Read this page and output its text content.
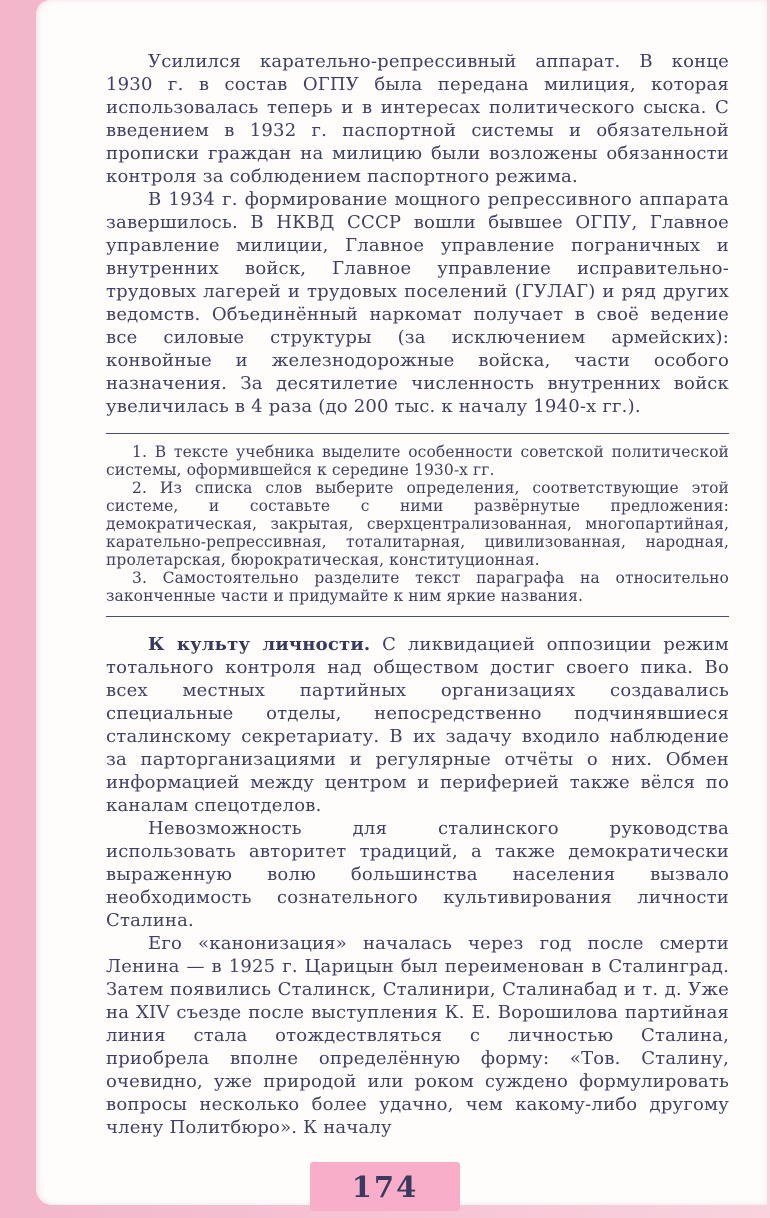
Усилился карательно-репрессивный аппарат. В конце 1930 г. в состав ОГПУ была передана милиция, которая использовалась теперь и в интересах политического сыска. С введением в 1932 г. паспортной системы и обязательной прописки граждан на милицию были возложены обязанности контроля за соблюдением паспортного режима.

В 1934 г. формирование мощного репрессивного аппарата завершилось. В НКВД СССР вошли бывшее ОГПУ, Главное управление милиции, Главное управление пограничных и внутренних войск, Главное управление исправительно-трудовых лагерей и трудовых поселений (ГУЛАГ) и ряд других ведомств. Объединённый наркомат получает в своё ведение все силовые структуры (за исключением армейских): конвойные и железнодорожные войска, части особого назначения. За десятилетие численность внутренних войск увеличилась в 4 раза (до 200 тыс. к началу 1940-х гг.).

1. В тексте учебника выделите особенности советской политической системы, оформившейся к середине 1930-х гг.

2. Из списка слов выберите определения, соответствующие этой системе, и составьте с ними развёрнутые предложения: демократическая, закрытая, сверхцентрализованная, многопартийная, карательно-репрессивная, тоталитарная, цивилизованная, народная, пролетарская, бюрократическая, конституционная.

3. Самостоятельно разделите текст параграфа на относительно законченные части и придумайте к ним яркие названия.

К культу личности. С ликвидацией оппозиции режим тотального контроля над обществом достиг своего пика. Во всех местных партийных организациях создавались специальные отделы, непосредственно подчинявшиеся сталинскому секретариату. В их задачу входило наблюдение за парторганизациями и регулярные отчёты о них. Обмен информацией между центром и периферией также вёлся по каналам спецотделов.

Невозможность для сталинского руководства использовать авторитет традиций, а также демократически выраженную волю большинства населения вызвало необходимость сознательного культивирования личности Сталина.

Его «канонизация» началась через год после смерти Ленина — в 1925 г. Царицын был переименован в Сталинград. Затем появились Сталинск, Сталинири, Сталинабад и т. д. Уже на XIV съезде после выступления К. Е. Ворошилова партийная линия стала отождествляться с личностью Сталина, приобрела вполне определённую форму: «Тов. Сталину, очевидно, уже природой или роком суждено формулировать вопросы несколько более удачно, чем какому-либо другому члену Политбюро». К началу

174
